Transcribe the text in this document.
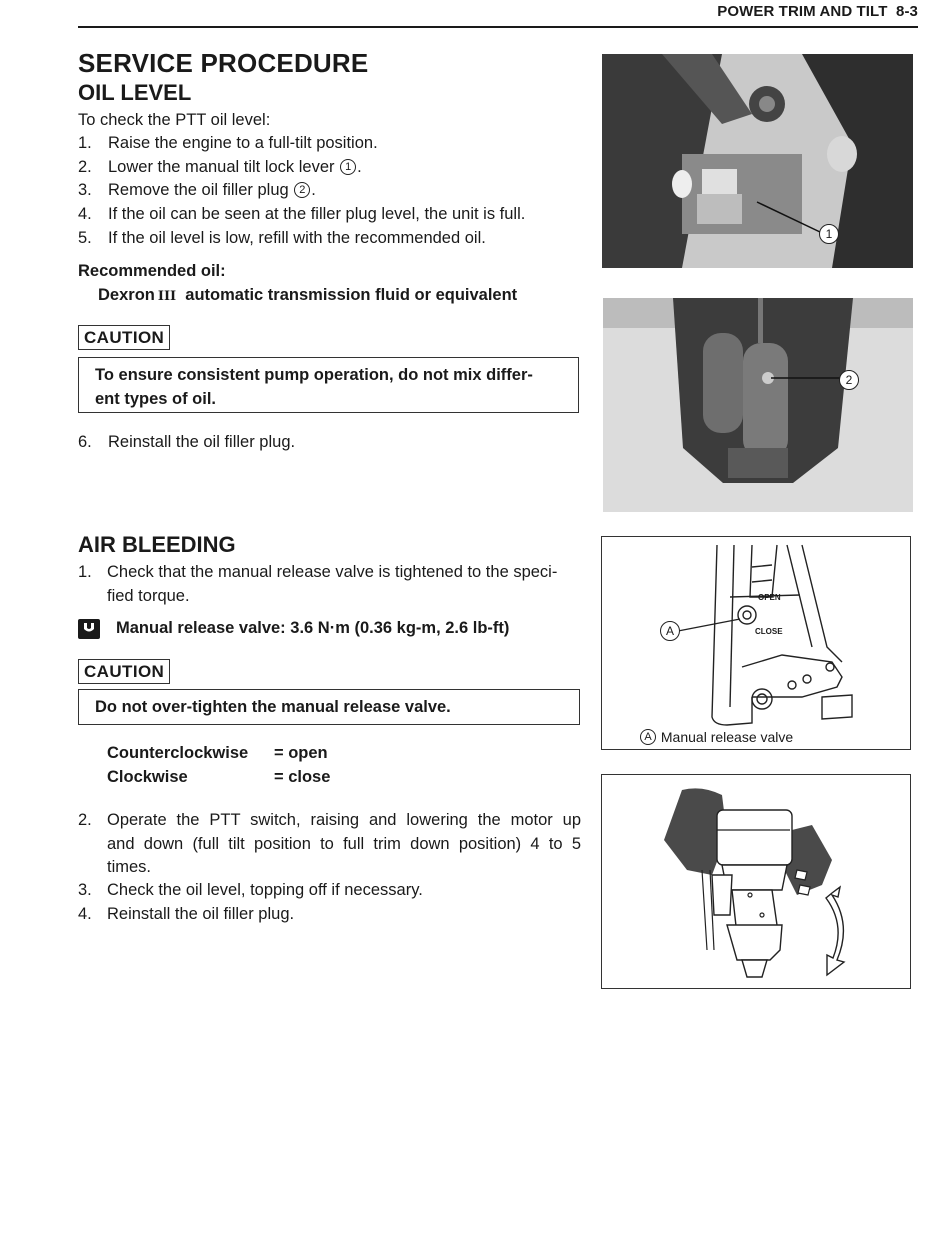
POWER TRIM AND TILT 8-3
SERVICE PROCEDURE
OIL LEVEL
To check the PTT oil level:
1. Raise the engine to a full-tilt position.
2. Lower the manual tilt lock lever 1 .
3. Remove the oil filler plug 2 .
4. If the oil can be seen at the filler plug level, the unit is full.
5. If the oil level is low, refill with the recommended oil.
Recommended oil:
Dexron III automatic transmission fluid or equivalent
CAUTION
To ensure consistent pump operation, do not mix differ-
ent types of oil.
6. Reinstall the oil filler plug.
AIR BLEEDING
1. Check that the manual release valve is tightened to the speci-
fied torque.
Manual release valve: 3.6 N·m (0.36 kg-m, 2.6 lb-ft)
CAUTION
Do not over-tighten the manual release valve.
Counterclockwise = open
Clockwise	= close
2. Operate the PTT switch, raising and lowering the motor up
and down (full tilt position to full trim down position) 4 to 5
times.
3. Check the oil level, topping off if necessary.
4. Reinstall the oil filler plug.
1
2
OPEN
CLOSE
A
A Manual release valve
